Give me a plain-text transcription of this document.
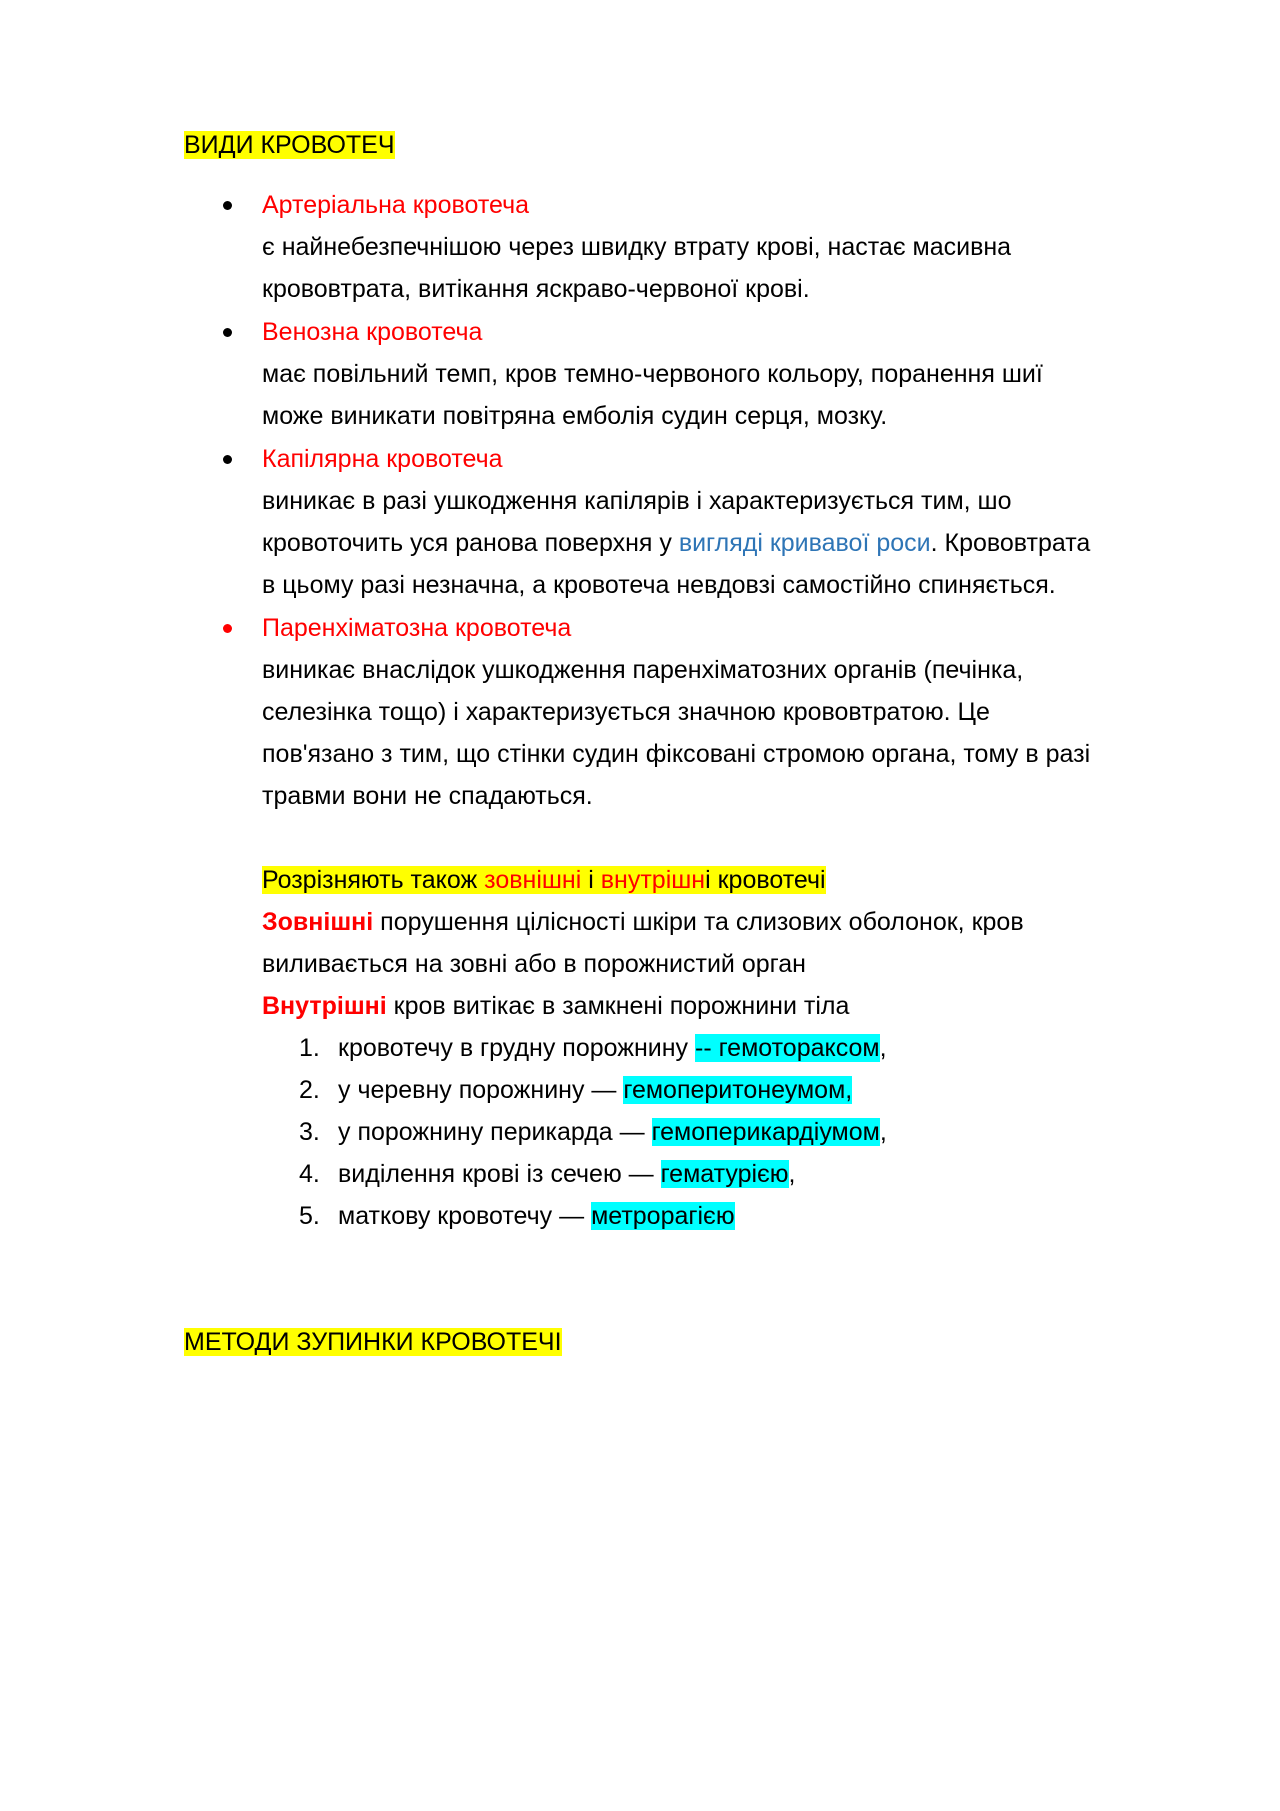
ВИДИ КРОВОТЕЧ
Артеріальна кровотеча
є найнебезпечнішою через швидку втрату крові, настає масивна
крововтрата, витікання яскраво-червоної крові.
Венозна кровотеча
має повільний темп, кров темно-червоного кольору, поранення шиї
може виникати повітряна емболія судин серця, мозку.
Капілярна кровотеча
виникає в разі ушкодження капілярів і характеризується тим, шо
кровоточить уся ранова поверхня у вигляді кривавої роси. Крововтрата
в цьому разі незначна, а кровотеча невдовзі самостійно спиняється.
Паренхіматозна кровотеча
виникає внаслідок ушкодження паренхіматозних органів (печінка,
селезінка тощо) і характеризується значною крововтратою. Це
пов'язано з тим, що стінки судин фіксовані стромою органа, тому в разі
травми вони не спадаються.
Розрізняють також зовнішні і внутрішні кровотечі
Зовнішні порушення цілісності шкіри та слизових оболонок, кров
виливається на зовні або в порожнистий орган
Внутрішні кров витікає в замкнені порожнини тіла
1. кровотечу в грудну порожнину -- гемотораксом,
2. у черевну порожнину — гемоперитонеумом,
3. у порожнину перикарда — гемоперикардіумом,
4. виділення крові із сечею — гематурією,
5. маткову кровотечу — метрорагією
МЕТОДИ ЗУПИНКИ КРОВОТЕЧІ
